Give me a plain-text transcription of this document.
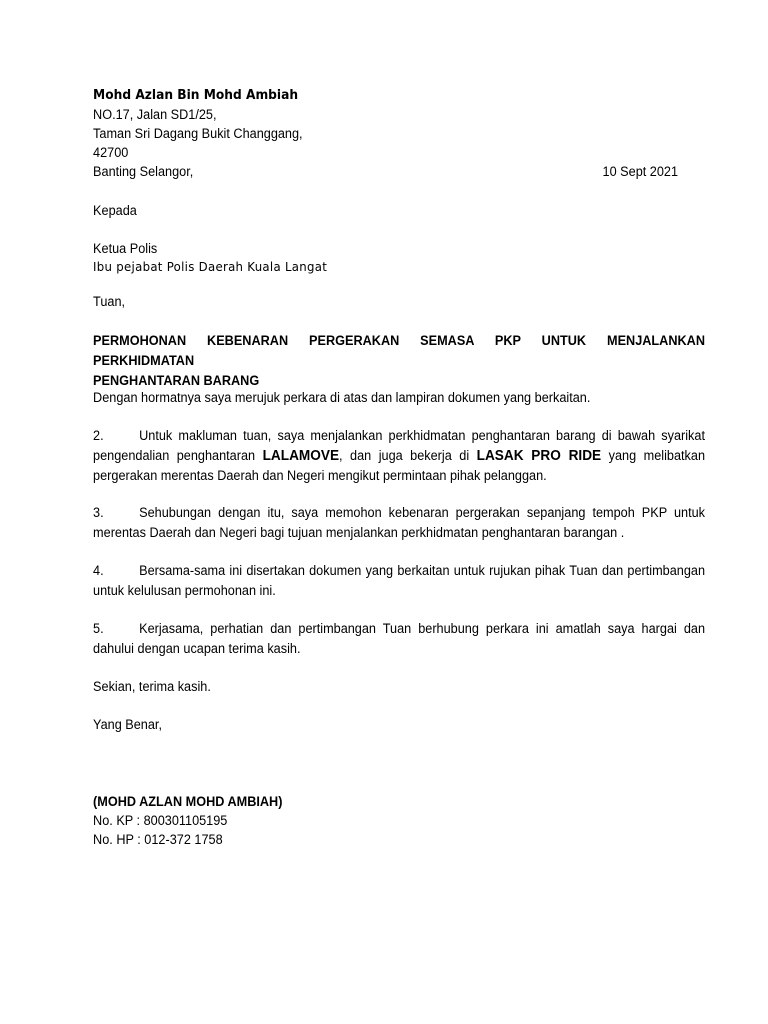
Mohd Azlan Bin Mohd Ambiah
NO.17, Jalan SD1/25,
Taman Sri Dagang Bukit Changgang,
42700
Banting Selangor,	10 Sept 2021
Kepada
Ketua Polis
Ibu pejabat Polis Daerah Kuala Langat
Tuan,
PERMOHONAN KEBENARAN PERGERAKAN SEMASA PKP UNTUK MENJALANKAN PERKHIDMATAN
PENGHANTARAN BARANG
Dengan hormatnya saya merujuk perkara di atas dan lampiran dokumen yang berkaitan.
2.	Untuk makluman tuan, saya menjalankan perkhidmatan penghantaran barang di bawah syarikat
pengendalian penghantaran LALAMOVE, dan juga bekerja di LASAK PRO RIDE yang melibatkan
pergerakan merentas Daerah dan Negeri mengikut permintaan pihak pelanggan.
3.	Sehubungan dengan itu, saya memohon kebenaran pergerakan sepanjang tempoh PKP untuk
merentas Daerah dan Negeri bagi tujuan menjalankan perkhidmatan penghantaran barangan .
4.	Bersama-sama ini disertakan dokumen yang berkaitan untuk rujukan pihak Tuan dan pertimbangan
untuk kelulusan permohonan ini.
5.	Kerjasama, perhatian dan pertimbangan Tuan berhubung perkara ini amatlah saya hargai dan
dahului dengan ucapan terima kasih.
Sekian, terima kasih.
Yang Benar,
(MOHD AZLAN MOHD AMBIAH)
No. KP : 800301105195
No. HP : 012-372 1758
